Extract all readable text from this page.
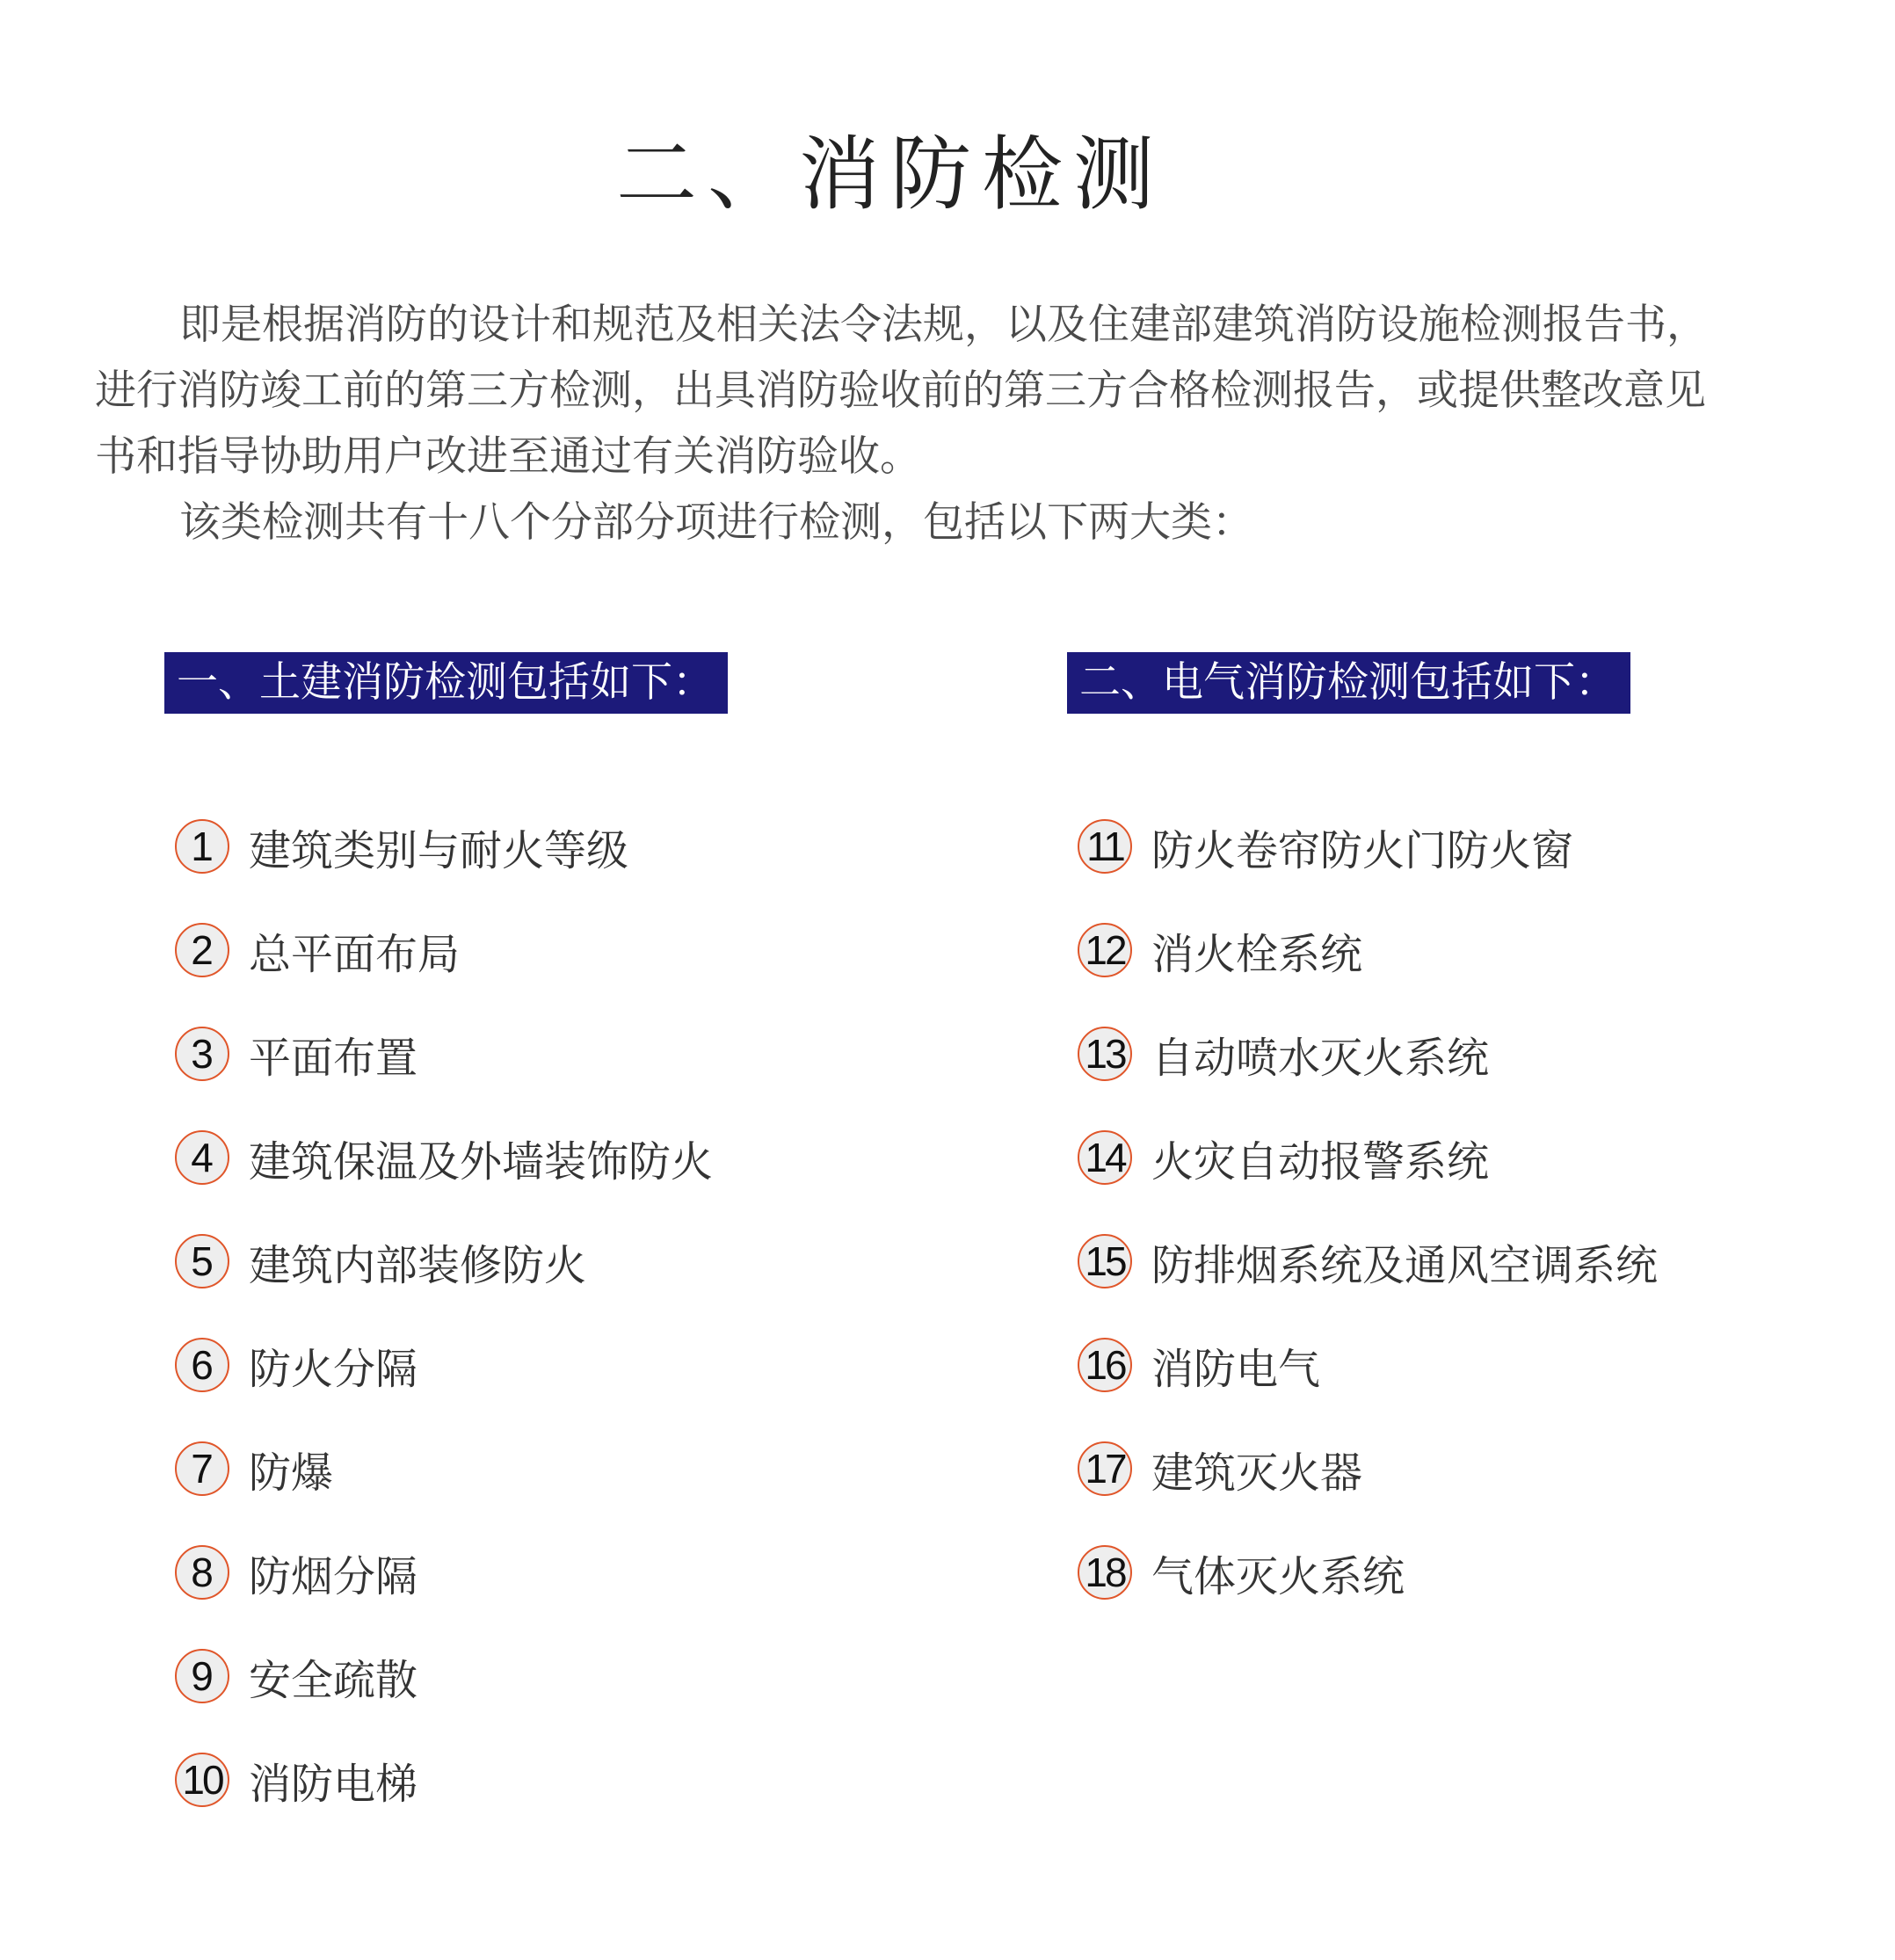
二、消防检测

即是根据消防的设计和规范及相关法令法规，以及住建部建筑消防设施检测报告书，进行消防竣工前的第三方检测，出具消防验收前的第三方合格检测报告，或提供整改意见书和指导协助用户改进至通过有关消防验收。

该类检测共有十八个分部分项进行检测，包括以下两大类：

一、土建消防检测包括如下：
1 建筑类别与耐火等级
2 总平面布局
3 平面布置
4 建筑保温及外墙装饰防火
5 建筑内部装修防火
6 防火分隔
7 防爆
8 防烟分隔
9 安全疏散
10 消防电梯
二、电气消防检测包括如下：
11 防火卷帘防火门防火窗
12 消火栓系统
13 自动喷水灭火系统
14 火灾自动报警系统
15 防排烟系统及通风空调系统
16 消防电气
17 建筑灭火器
18 气体灭火系统
